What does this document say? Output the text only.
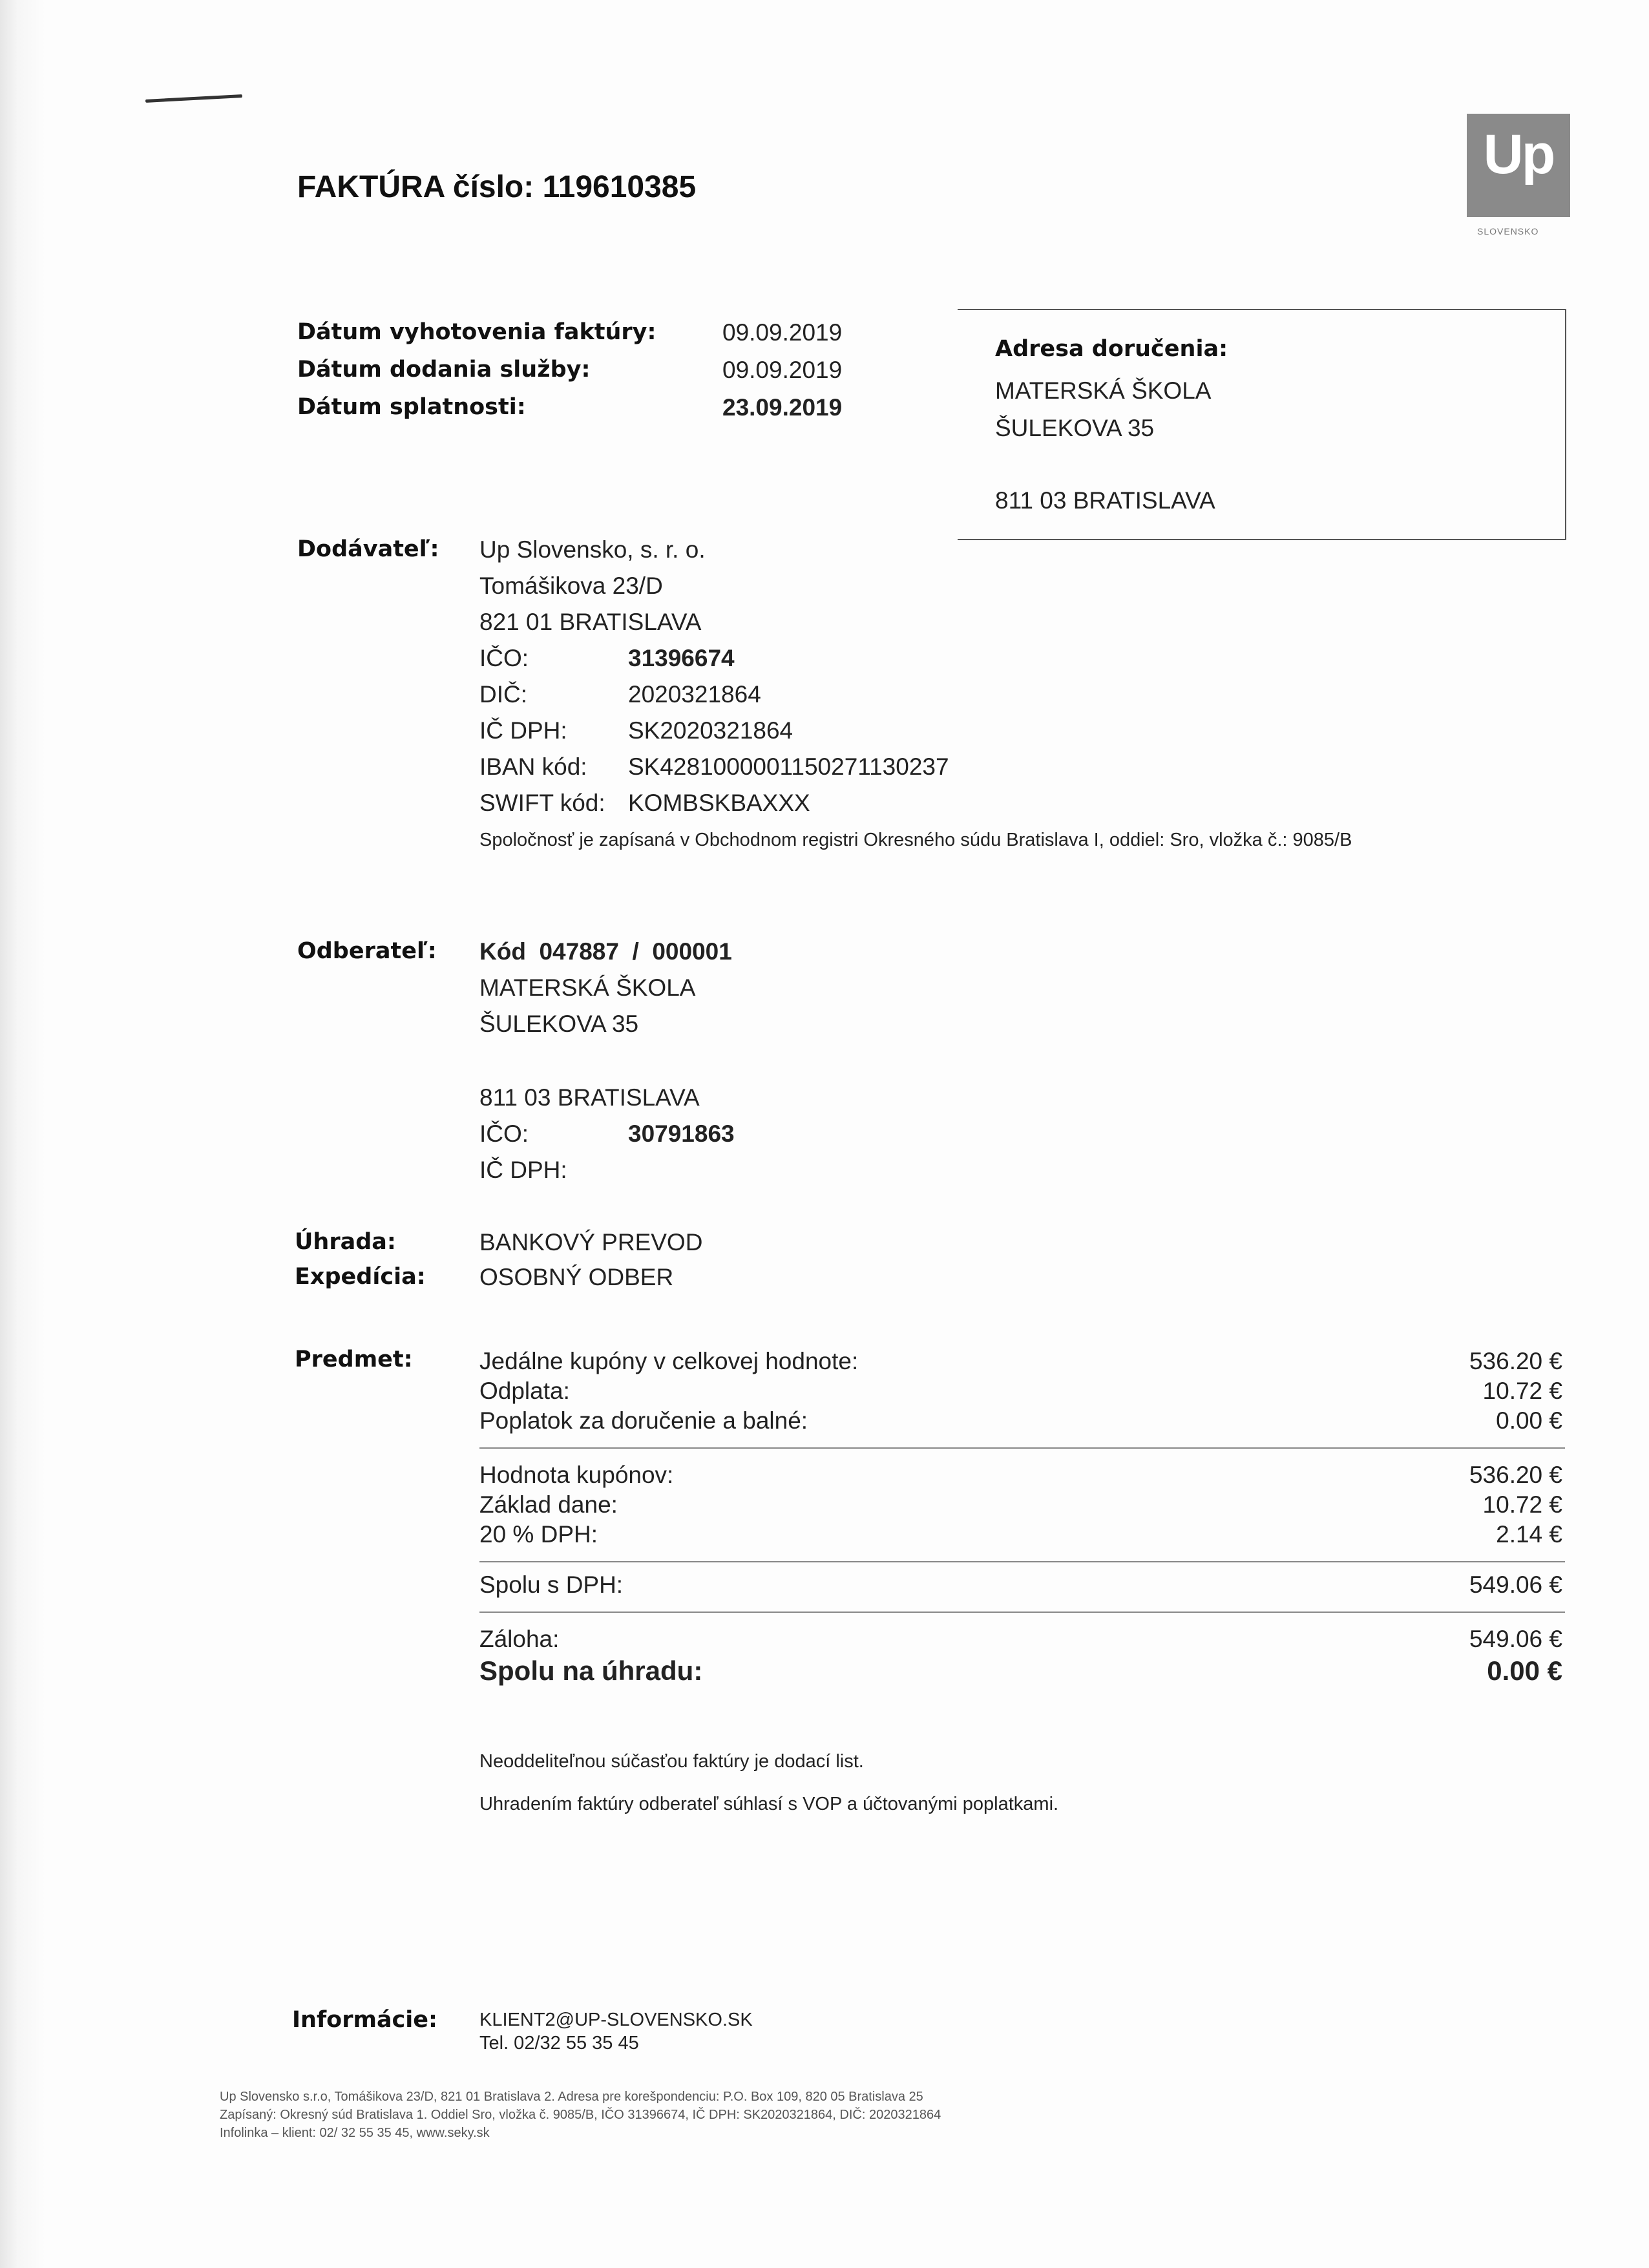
FAKTÚRA číslo: 119610385
Up
SLOVENSKO
Dátum vyhotovenia faktúry:	09.09.2019
Dátum dodania služby:	09.09.2019
Dátum splatnosti:	23.09.2019
Adresa doručenia:
MATERSKÁ ŠKOLA
ŠULEKOVA 35
811 03 BRATISLAVA
Dodávateľ: Up Slovensko, s. r. o.
Tomášikova 23/D
821 01 BRATISLAVA
IČO:	31396674
DIČ:	2020321864
IČ DPH:	SK2020321864
IBAN kód: SK4281000001150271130237
SWIFT kód: KOMBSKBAXXX
Spoločnosť je zapísaná v Obchodnom registri Okresného súdu Bratislava I, oddiel: Sro, vložka č.: 9085/B
Odberateľ: Kód  047887  /  000001
MATERSKÁ ŠKOLA
ŠULEKOVA 35
811 03 BRATISLAVA
IČO:	30791863
IČ DPH:
Úhrada:	BANKOVÝ PREVOD
Expedícia: OSOBNÝ ODBER
Predmet:	Jedálne kupóny v celkovej hodnote:	536.20 €
Odplata:	10.72 €
Poplatok za doručenie a balné:	0.00 €
Hodnota kupónov:	536.20 €
Základ dane:	10.72 €
20 % DPH:	2.14 €
Spolu s DPH:	549.06 €
Záloha:	549.06 €
Spolu na úhradu:	0.00 €
Neoddeliteľnou súčasťou faktúry je dodací list.
Uhradením faktúry odberateľ súhlasí s VOP a účtovanými poplatkami.
Informácie: KLIENT2@UP-SLOVENSKO.SK
Tel. 02/32 55 35 45
Up Slovensko s.r.o, Tomášikova 23/D, 821 01 Bratislava 2. Adresa pre korešpondenciu: P.O. Box 109, 820 05 Bratislava 25
Zapísaný: Okresný súd Bratislava 1. Oddiel Sro, vložka č. 9085/B, IČO 31396674, IČ DPH: SK2020321864, DIČ: 2020321864
Infolinka – klient: 02/ 32 55 35 45, www.seky.sk
